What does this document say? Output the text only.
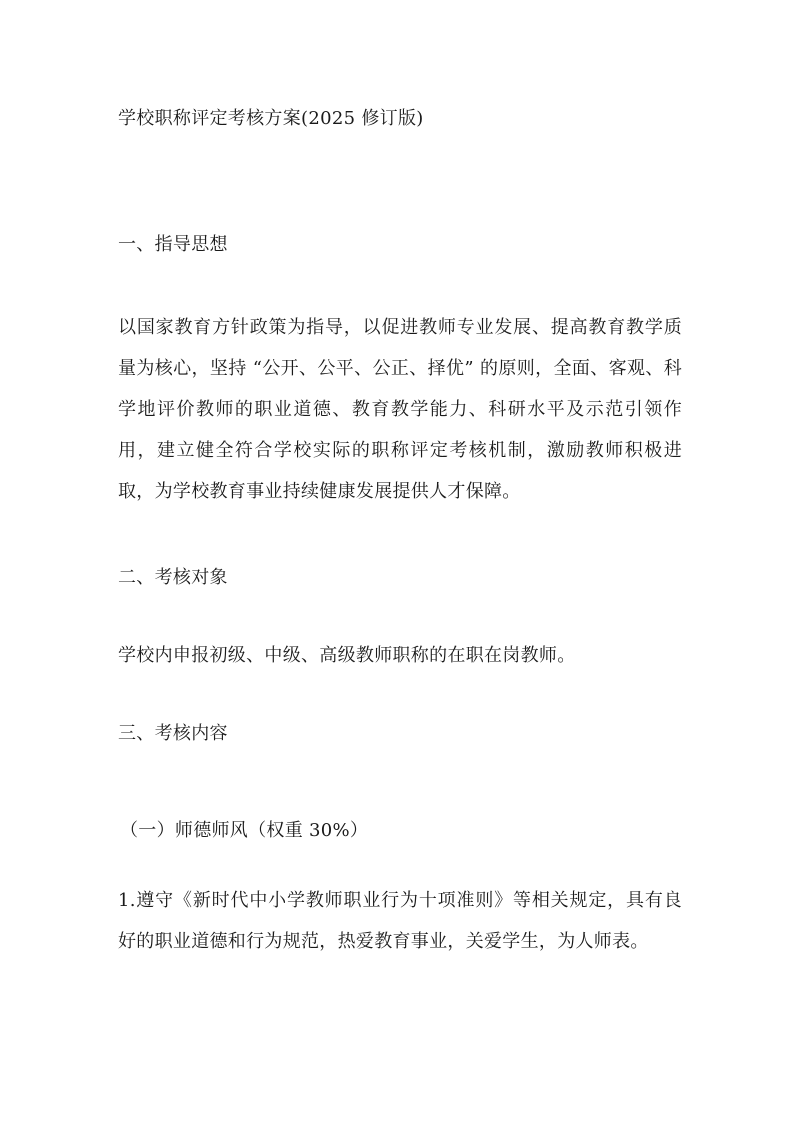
学校职称评定考核方案(2025 修订版)
一、指导思想
以国家教育方针政策为指导，以促进教师专业发展、提高教育教学质量为核心，坚持 “公开、公平、公正、择优” 的原则，全面、客观、科学地评价教师的职业道德、教育教学能力、科研水平及示范引领作用，建立健全符合学校实际的职称评定考核机制，激励教师积极进取，为学校教育事业持续健康发展提供人才保障。
二、考核对象
学校内申报初级、中级、高级教师职称的在职在岗教师。
三、考核内容
（一）师德师风（权重 30%）
1.遵守《新时代中小学教师职业行为十项准则》等相关规定，具有良好的职业道德和行为规范，热爱教育事业，关爱学生，为人师表。
